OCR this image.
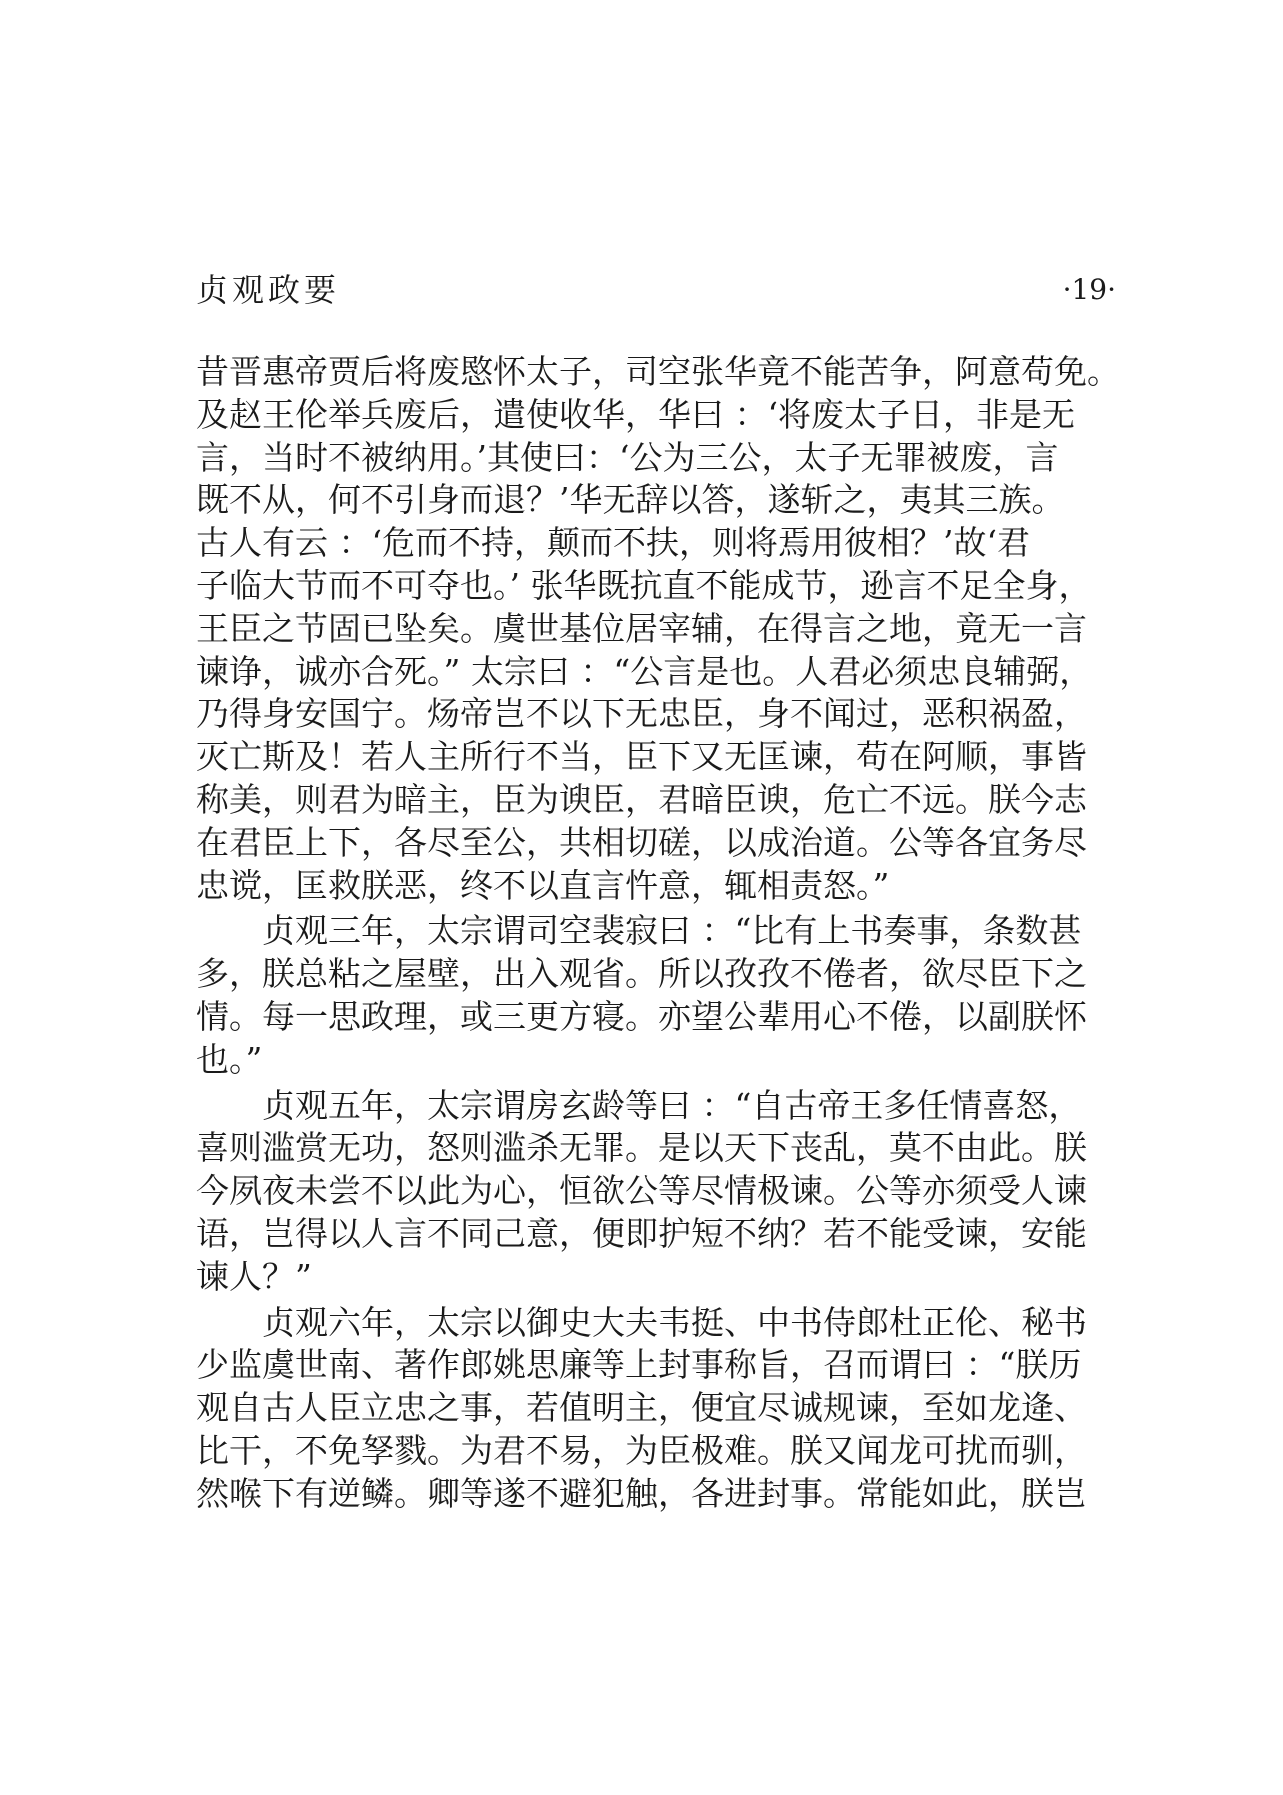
贞观政要	·19·
昔晋惠帝贾后将废愍怀太子，司空张华竟不能苦争，阿意苟免。
及赵王伦举兵废后，遣使收华，华曰 ：‘将废太子日，非是无
言，当时不被纳用。’其使曰：‘公为三公，太子无罪被废，言
既不从，何不引身而退？’华无辞以答，遂斩之，夷其三族。
古人有云 ：‘危而不持，颠而不扶，则将焉用彼相？’故‘君
子临大节而不可夺也。’ 张华既抗直不能成节，逊言不足全身，
王臣之节固已坠矣。虞世基位居宰辅，在得言之地，竟无一言
谏诤，诚亦合死。” 太宗曰 ：“公言是也。人君必须忠良辅弼，
乃得身安国宁。炀帝岂不以下无忠臣，身不闻过，恶积祸盈，
灭亡斯及！若人主所行不当，臣下又无匡谏，苟在阿顺，事皆
称美，则君为暗主，臣为谀臣，君暗臣谀，危亡不远。朕今志
在君臣上下，各尽至公，共相切磋，以成治道。公等各宜务尽
忠谠，匡救朕恶，终不以直言忤意，辄相责怒。”
贞观三年，太宗谓司空裴寂曰 ：“比有上书奏事，条数甚
多，朕总粘之屋壁，出入观省。所以孜孜不倦者，欲尽臣下之
情。每一思政理，或三更方寝。亦望公辈用心不倦，以副朕怀
也。”
贞观五年，太宗谓房玄龄等曰 ：“自古帝王多任情喜怒，
喜则滥赏无功，怒则滥杀无罪。是以天下丧乱，莫不由此。朕
今夙夜未尝不以此为心，恒欲公等尽情极谏。公等亦须受人谏
语，岂得以人言不同己意，便即护短不纳？若不能受谏，安能
谏人？”
贞观六年，太宗以御史大夫韦挺、中书侍郎杜正伦、秘书
少监虞世南、著作郎姚思廉等上封事称旨，召而谓曰 ：“朕历
观自古人臣立忠之事，若值明主，便宜尽诚规谏，至如龙逄、
比干，不免孥戮。为君不易，为臣极难。朕又闻龙可扰而驯，
然喉下有逆鳞。卿等遂不避犯触，各进封事。常能如此，朕岂
